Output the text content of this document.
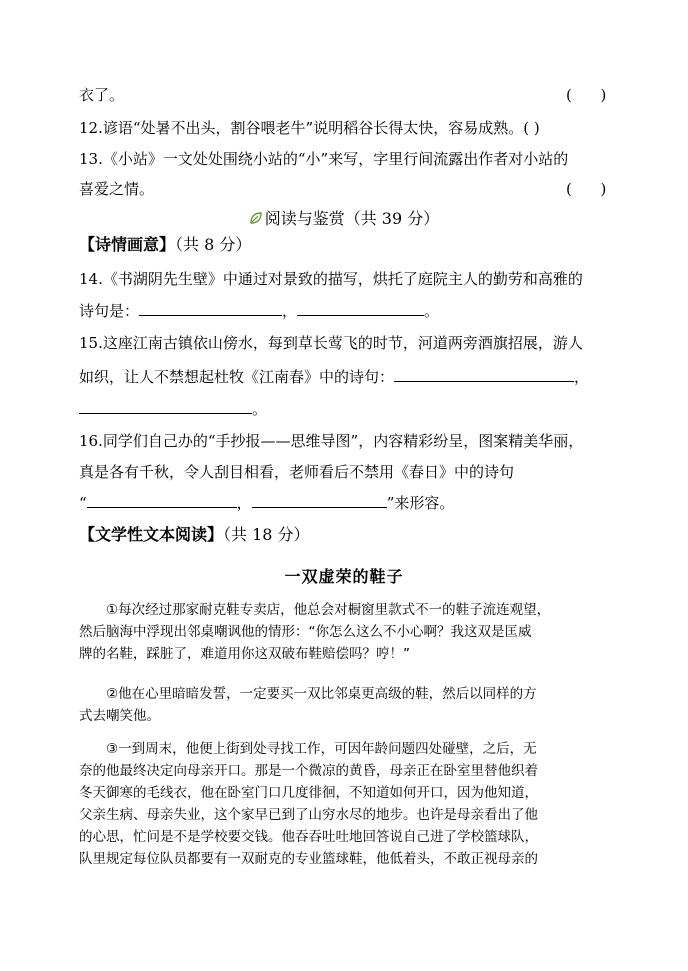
衣了。	(      )
12.谚语“处暑不出头，割谷喂老牛”说明稻谷长得太快，容易成熟。( )
13.《小站》一文处处围绕小站的“小”来写，字里行间流露出作者对小站的
喜爱之情。	(      )
阅读与鉴赏（共 39 分）
【诗情画意】（共 8 分）
14.《书湖阴先生壁》中通过对景致的描写，烘托了庭院主人的勤劳和高雅的
诗句是：	，	。
15.这座江南古镇依山傍水，每到草长莺飞的时节，河道两旁酒旗招展，游人
如织，让人不禁想起杜牧《江南春》中的诗句：	，
。
16.同学们自己办的“手抄报——思维导图”，内容精彩纷呈，图案精美华丽，
真是各有千秋，令人刮目相看，老师看后不禁用《春日》中的诗句
“	，	”来形容。
【文学性文本阅读】（共 18 分）
一双虚荣的鞋子
①每次经过那家耐克鞋专卖店，他总会对橱窗里款式不一的鞋子流连观望，
然后脑海中浮现出邻桌嘲讽他的情形：“你怎么这么不小心啊？我这双是匡威
牌的名鞋，踩脏了，难道用你这双破布鞋赔偿吗？哼！”
②他在心里暗暗发誓，一定要买一双比邻桌更高级的鞋，然后以同样的方
式去嘲笑他。
③一到周末，他便上街到处寻找工作，可因年龄问题四处碰壁，之后，无
奈的他最终决定向母亲开口。那是一个微凉的黄昏，母亲正在卧室里替他织着
冬天御寒的毛线衣，他在卧室门口几度徘徊，不知道如何开口，因为他知道，
父亲生病、母亲失业，这个家早已到了山穷水尽的地步。也许是母亲看出了他
的心思，忙问是不是学校要交钱。他吞吞吐吐地回答说自己进了学校篮球队，
队里规定每位队员都要有一双耐克的专业篮球鞋，他低着头，不敢正视母亲的
